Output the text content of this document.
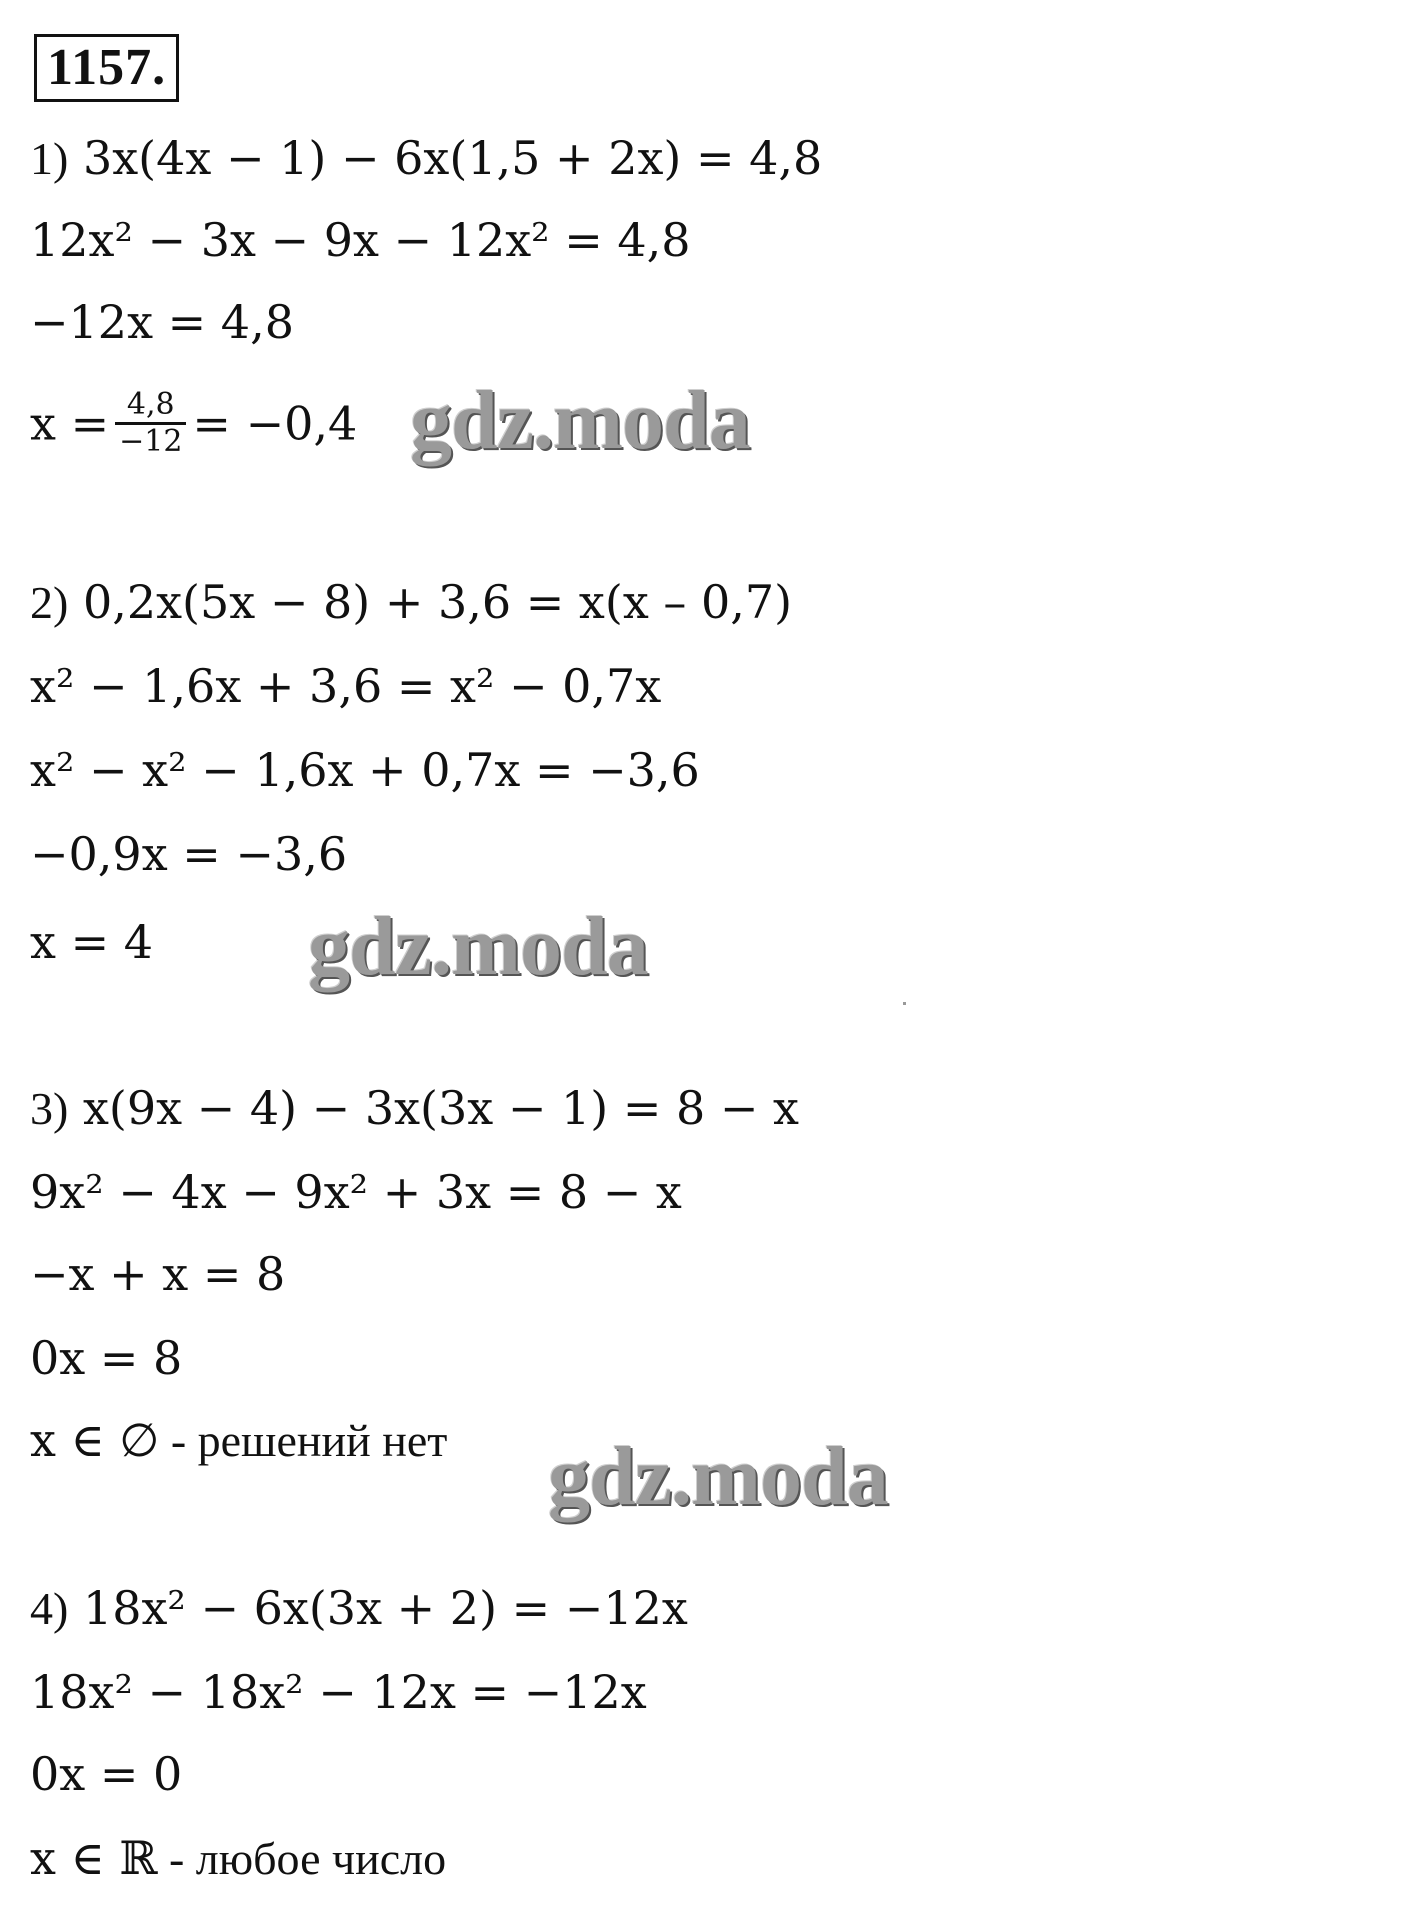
1157.
1) 3x(4x − 1) − 6x(1,5 + 2x) = 4,8
12x² − 3x − 9x − 12x² = 4,8
−12x = 4,8
$x = \frac{4,8}{-12} = -0,4$ gdz.moda
2) 0,2x(5x − 8) + 3,6 = x(x – 0,7)
x² − 1,6x + 3,6 = x² − 0,7x
x² − x² − 1,6x + 0,7x = −3,6
−0,9x = −3,6
x = 4 gdz.moda
3) x(9x − 4) − 3x(3x − 1) = 8 − x
9x² − 4x − 9x² + 3x = 8 − x
−x + x = 8
0x = 8
x ∈ ∅ - решений нет gdz.moda
4) 18x² − 6x(3x + 2) = −12x
18x² − 18x² − 12x = −12x
0x = 0
x ∈ ℝ - любое число
